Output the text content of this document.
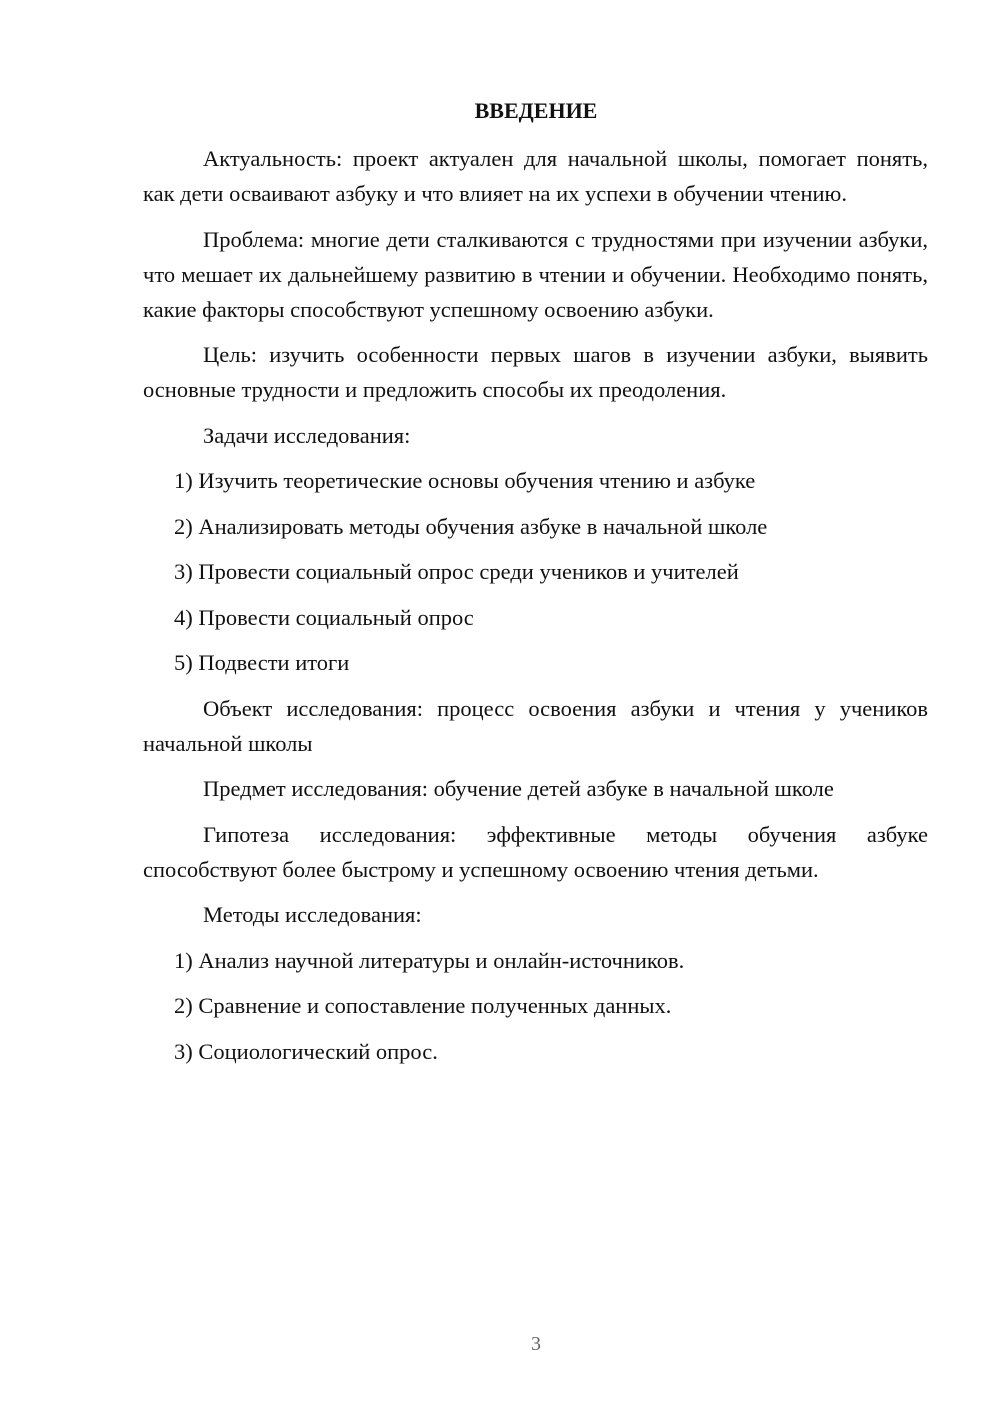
ВВЕДЕНИЕ

Актуальность: проект актуален для начальной школы, помогает понять, как дети осваивают азбуку и что влияет на их успехи в обучении чтению.

Проблема: многие дети сталкиваются с трудностями при изучении азбуки, что мешает их дальнейшему развитию в чтении и обучении. Необходимо понять, какие факторы способствуют успешному освоению азбуки.

Цель: изучить особенности первых шагов в изучении азбуки, выявить основные трудности и предложить способы их преодоления.

Задачи исследования:

1) Изучить теоретические основы обучения чтению и азбуке

2) Анализировать методы обучения азбуке в начальной школе

3) Провести социальный опрос среди учеников и учителей

4) Провести социальный опрос

5) Подвести итоги

Объект исследования: процесс освоения азбуки и чтения у учеников начальной школы

Предмет исследования: обучение детей азбуке в начальной школе

Гипотеза исследования: эффективные методы обучения азбуке способствуют более быстрому и успешному освоению чтения детьми.

Методы исследования:

1) Анализ научной литературы и онлайн-источников.

2) Сравнение и сопоставление полученных данных.

3) Социологический опрос.

3
